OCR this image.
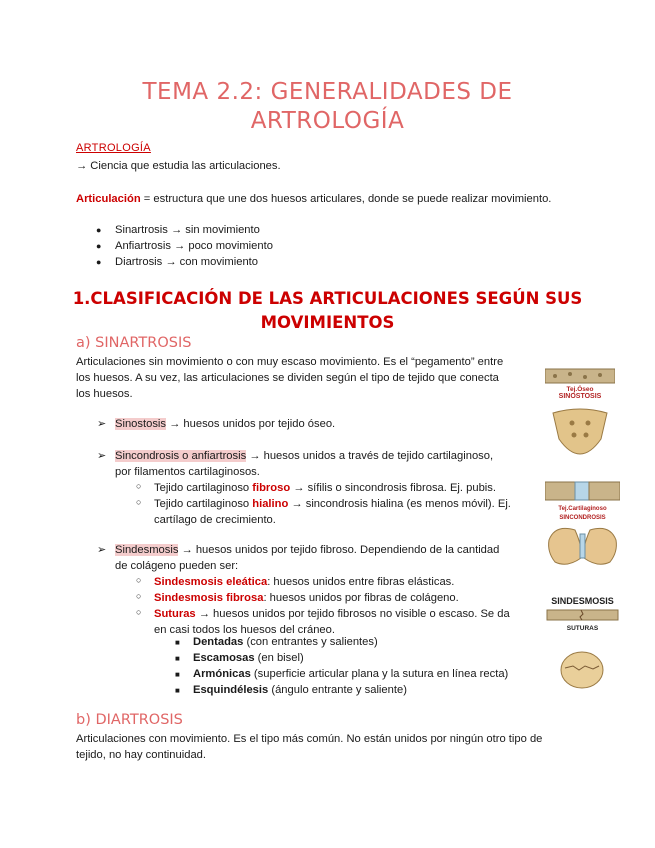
TEMA 2.2: GENERALIDADES DE
ARTROLOGÍA
ARTROLOGÍA
→ Ciencia que estudia las articulaciones.
Articulación = estructura que une dos huesos articulares, donde se puede realizar movimiento.
● Sinartrosis → sin movimiento
● Anfiartrosis → poco movimiento
● Diartrosis → con movimiento
1.CLASIFICACIÓN DE LAS ARTICULACIONES SEGÚN SUS
MOVIMIENTOS
a) SINARTROSIS
Articulaciones sin movimiento o con muy escaso movimiento. Es el “pegamento” entre
los huesos. A su vez, las articulaciones se dividen según el tipo de tejido que conecta
los huesos.
➢ Sinostosis → huesos unidos por tejido óseo.
➢ Sincondrosis o anfiartrosis → huesos unidos a través de tejido cartilaginoso,
por filamentos cartilaginosos.
○ Tejido cartilaginoso fibroso → sífilis o sincondrosis fibrosa. Ej. pubis.
○ Tejido cartilaginoso hialino → sincondrosis hialina (es menos móvil). Ej.
cartílago de crecimiento.
➢ Sindesmosis → huesos unidos por tejido fibroso. Dependiendo de la cantidad
de colágeno pueden ser:
○ Sindesmosis eleática: huesos unidos entre fibras elásticas.
○ Sindesmosis fibrosa: huesos unidos por fibras de colágeno.
○ Suturas → huesos unidos por tejido fibrosos no visible o escaso. Se da
en casi todos los huesos del cráneo.
■ Dentadas (con entrantes y salientes)
■ Escamosas (en bisel)
■ Armónicas (superficie articular plana y la sutura en línea recta)
■ Esquindélesis (ángulo entrante y saliente)
b) DIARTROSIS
Articulaciones con movimiento. Es el tipo más común. No están unidos por ningún otro tipo de
tejido, no hay continuidad.
Tej.Óseo
SINOSTOSIS
Tej.Cartilaginoso
SINCONDROSIS
SINDESMOSIS
SUTURAS
